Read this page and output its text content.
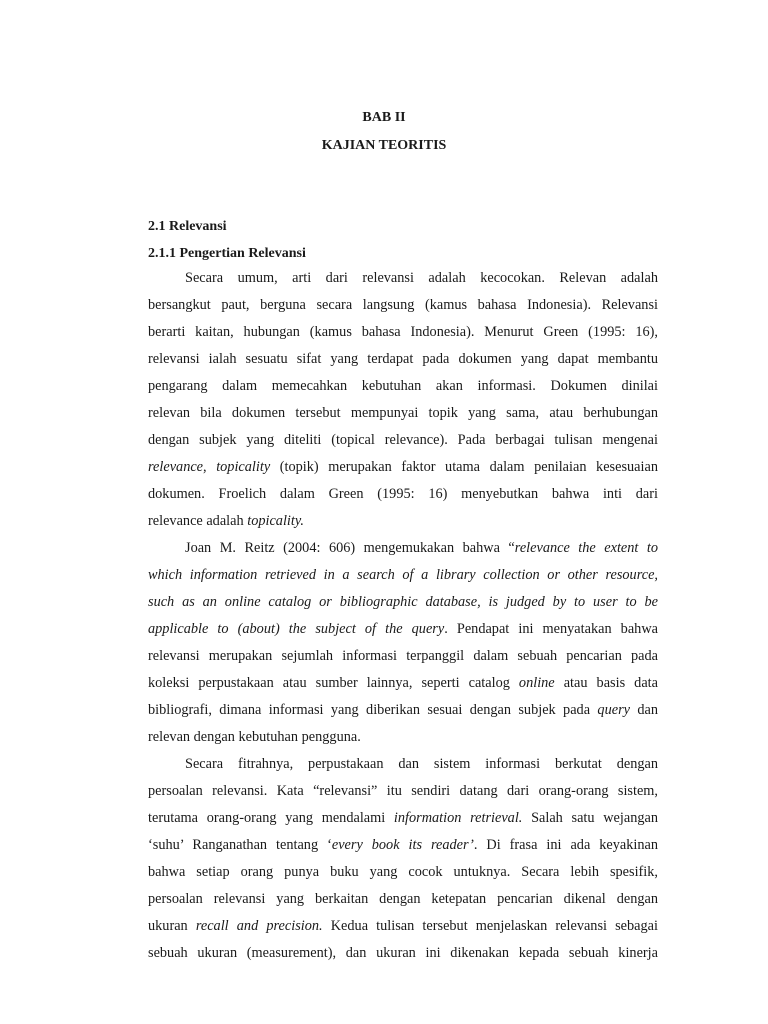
BAB II
KAJIAN TEORITIS
2.1 Relevansi
2.1.1 Pengertian Relevansi
Secara umum, arti dari relevansi adalah kecocokan. Relevan adalah
bersangkut paut, berguna secara langsung (kamus bahasa Indonesia). Relevansi
berarti kaitan, hubungan (kamus bahasa Indonesia). Menurut Green (1995: 16),
relevansi ialah sesuatu sifat yang terdapat pada dokumen yang dapat membantu
pengarang dalam memecahkan kebutuhan akan informasi. Dokumen dinilai
relevan bila dokumen tersebut mempunyai topik yang sama, atau berhubungan
dengan subjek yang diteliti (topical relevance). Pada berbagai tulisan mengenai
relevance, topicality (topik) merupakan faktor utama dalam penilaian kesesuaian
dokumen. Froelich dalam Green (1995: 16) menyebutkan bahwa inti dari
relevance adalah topicality.
Joan M. Reitz (2004: 606) mengemukakan bahwa “relevance the extent to
which information retrieved in a search of a library collection or other resource,
such as an online catalog or bibliographic database, is judged by to user to be
applicable to (about) the subject of the query. Pendapat ini menyatakan bahwa
relevansi merupakan sejumlah informasi terpanggil dalam sebuah pencarian pada
koleksi perpustakaan atau sumber lainnya, seperti catalog online atau basis data
bibliografi, dimana informasi yang diberikan sesuai dengan subjek pada query dan
relevan dengan kebutuhan pengguna.
Secara fitrahnya, perpustakaan dan sistem informasi berkutat dengan
persoalan relevansi. Kata “relevansi” itu sendiri datang dari orang-orang sistem,
terutama orang-orang yang mendalami information retrieval. Salah satu wejangan
‘suhu’ Ranganathan tentang ‘every book its reader’. Di frasa ini ada keyakinan
bahwa setiap orang punya buku yang cocok untuknya. Secara lebih spesifik,
persoalan relevansi yang berkaitan dengan ketepatan pencarian dikenal dengan
ukuran recall and precision. Kedua tulisan tersebut menjelaskan relevansi sebagai
sebuah ukuran (measurement), dan ukuran ini dikenakan kepada sebuah kinerja
